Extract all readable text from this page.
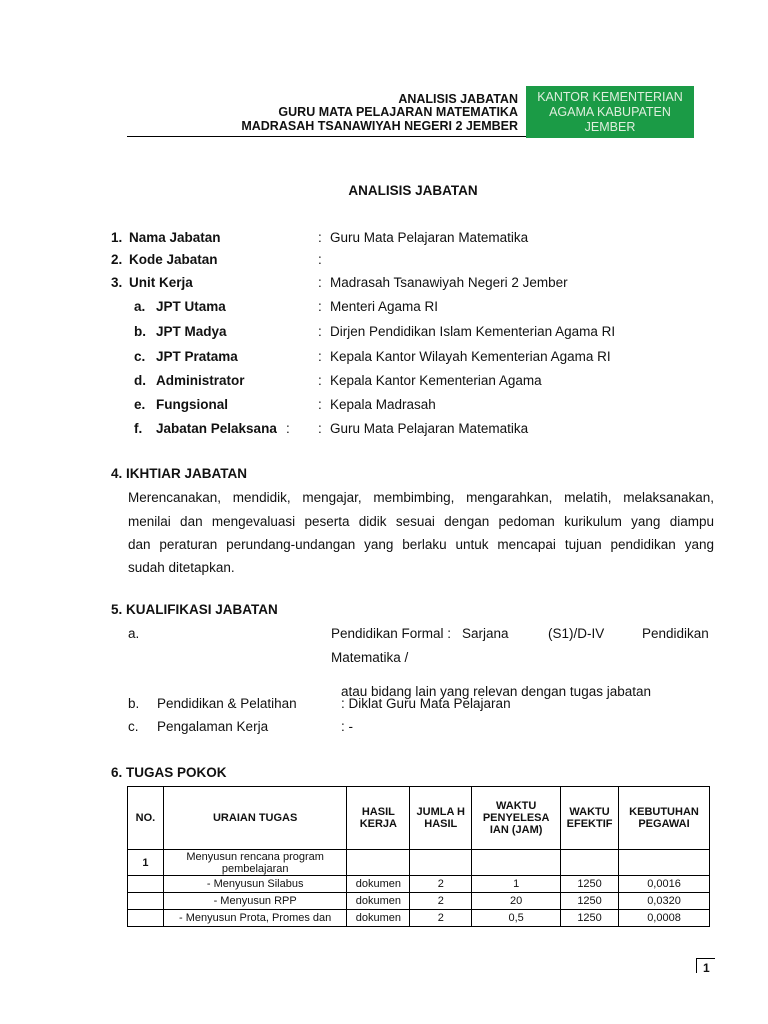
ANALISIS JABATAN
GURU MATA PELAJARAN MATEMATIKA
MADRASAH TSANAWIYAH NEGERI 2 JEMBER
KANTOR KEMENTERIAN
AGAMA KABUPATEN
JEMBER
ANALISIS JABATAN
1. Nama Jabatan	: Guru Mata Pelajaran Matematika
2. Kode Jabatan	:
3. Unit Kerja	: Madrasah Tsanawiyah Negeri 2 Jember
a. JPT Utama	: Menteri Agama RI
b. JPT Madya	: Dirjen Pendidikan Islam Kementerian Agama RI
c. JPT Pratama	: Kepala Kantor Wilayah Kementerian Agama RI
d. Administrator	: Kepala Kantor Kementerian Agama
e. Fungsional	: Kepala Madrasah
f. Jabatan Pelaksana : : Guru Mata Pelajaran Matematika
4. IKHTIAR JABATAN
Merencanakan, mendidik, mengajar, membimbing, mengarahkan, melatih, melaksanakan,
menilai dan mengevaluasi peserta didik sesuai dengan pedoman kurikulum yang diampu
dan peraturan perundang-undangan yang berlaku untuk mencapai tujuan pendidikan yang
sudah ditetapkan.
5. KUALIFIKASI JABATAN
a.	Pendidikan Formal : Sarjana	(S1)/D-IV	Pendidikan
Matematika /
atau bidang lain yang relevan dengan tugas jabatan
b. Pendidikan & Pelatihan	: Diklat Guru Mata Pelajaran
c. Pengalaman Kerja	: -
6. TUGAS POKOK
NO.	URAIAN TUGAS	HASIL KERJA	JUMLA H HASIL	WAKTU PENYELESA IAN (JAM)	WAKTU EFEKTIF	KEBUTUHAN PEGAWAI
1	Menyusun rencana program pembelajaran					
	- Menyusun Silabus	dokumen	2	1	1250	0,0016
	- Menyusun RPP	dokumen	2	20	1250	0,0320
	- Menyusun Prota, Promes dan	dokumen	2	0,5	1250	0,0008
1
